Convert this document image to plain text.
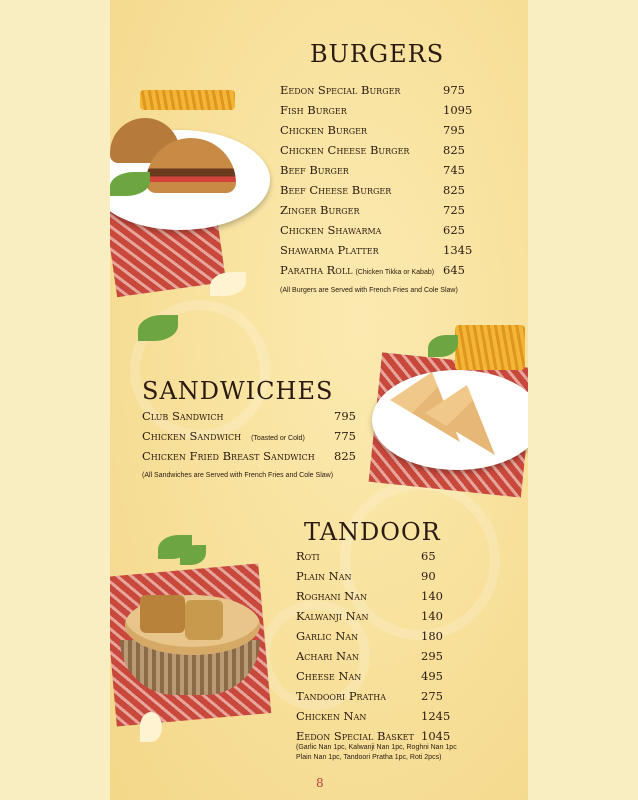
BURGERS
Eedon Special Burger	975
Fish Burger	1095
Chicken Burger	795
Chicken Cheese Burger	825
Beef Burger	745
Beef Cheese Burger	825
Zinger Burger	725
Chicken Shawarma	625
Shawarma Platter	1345
Paratha Roll (Chicken Tikka or Kabab) 645
(All Burgers are Served with French Fries and Cole Slaw)
SANDWICHES
Club Sandwich	795
Chicken Sandwich (Toasted or Cold)	775
Chicken Fried Breast Sandwich 825
(All Sandwiches are Served with French Fries and Cole Slaw)
TANDOOR
Roti	65
Plain Nan	90
Roghani Nan	140
Kalwanji Nan	140
Garlic Nan	180
Achari Nan	295
Cheese Nan	495
Tandoori Pratha	275
Chicken Nan	1245
Eedon Special Basket 1045
(Garlic Nan 1pc, Kalwanji Nan 1pc, Roghni Nan 1pc
Plain Nan 1pc, Tandoori Pratha 1pc, Roti 2pcs)
8
